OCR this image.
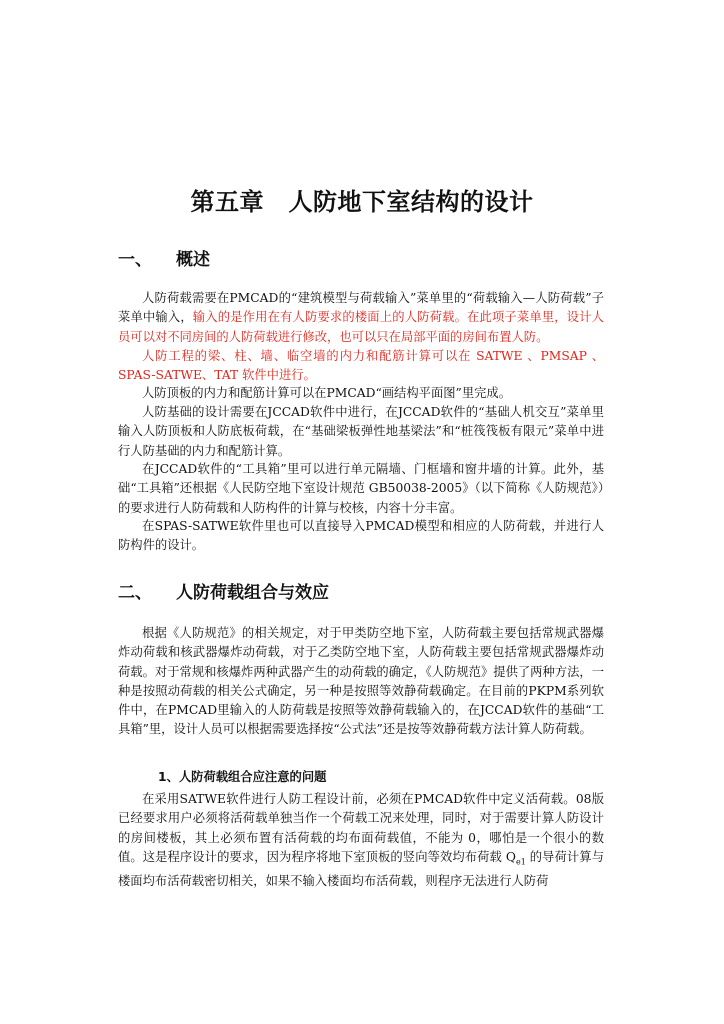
第五章　人防地下室结构的设计
一、 概述

人防荷载需要在PMCAD的“建筑模型与荷载输入”菜单里的“荷载输入—人防荷载”子菜单中输入，输入的是作用在有人防要求的楼面上的人防荷载。在此项子菜单里，设计人员可以对不同房间的人防荷载进行修改，也可以只在局部平面的房间布置人防。

人防工程的梁、柱、墙、临空墙的内力和配筋计算可以在 SATWE 、PMSAP 、SPAS-SATWE、TAT 软件中进行。

人防顶板的内力和配筋计算可以在PMCAD“画结构平面图”里完成。

人防基础的设计需要在JCCAD软件中进行，在JCCAD软件的“基础人机交互”菜单里输入人防顶板和人防底板荷载，在“基础梁板弹性地基梁法”和“桩筏筏板有限元”菜单中进行人防基础的内力和配筋计算。

在JCCAD软件的“工具箱”里可以进行单元隔墙、门框墙和窗井墙的计算。此外，基础“工具箱”还根据《人民防空地下室设计规范 GB50038-2005》（以下简称《人防规范》）的要求进行人防荷载和人防构件的计算与校核，内容十分丰富。

在SPAS-SATWE软件里也可以直接导入PMCAD模型和相应的人防荷载，并进行人防构件的设计。

二、 人防荷载组合与效应

根据《人防规范》的相关规定，对于甲类防空地下室，人防荷载主要包括常规武器爆炸动荷载和核武器爆炸动荷载，对于乙类防空地下室，人防荷载主要包括常规武器爆炸动荷载。对于常规和核爆炸两种武器产生的动荷载的确定，《人防规范》提供了两种方法，一种是按照动荷载的相关公式确定，另一种是按照等效静荷载确定。在目前的PKPM系列软件中，在PMCAD里输入的人防荷载是按照等效静荷载输入的，在JCCAD软件的基础“工具箱”里，设计人员可以根据需要选择按“公式法”还是按等效静荷载方法计算人防荷载。

1、人防荷载组合应注意的问题

在采用SATWE软件进行人防工程设计前，必须在PMCAD软件中定义活荷载。08版已经要求用户必须将活荷载单独当作一个荷载工况来处理，同时，对于需要计算人防设计的房间楼板，其上必须布置有活荷载的均布面荷载值，不能为 0，哪怕是一个很小的数值。这是程序设计的要求，因为程序将地下室顶板的竖向等效均布荷载 $Q_{e1}$ 的导荷计算与楼面均布活荷载密切相关，如果不输入楼面均布活荷载，则程序无法进行人防荷
